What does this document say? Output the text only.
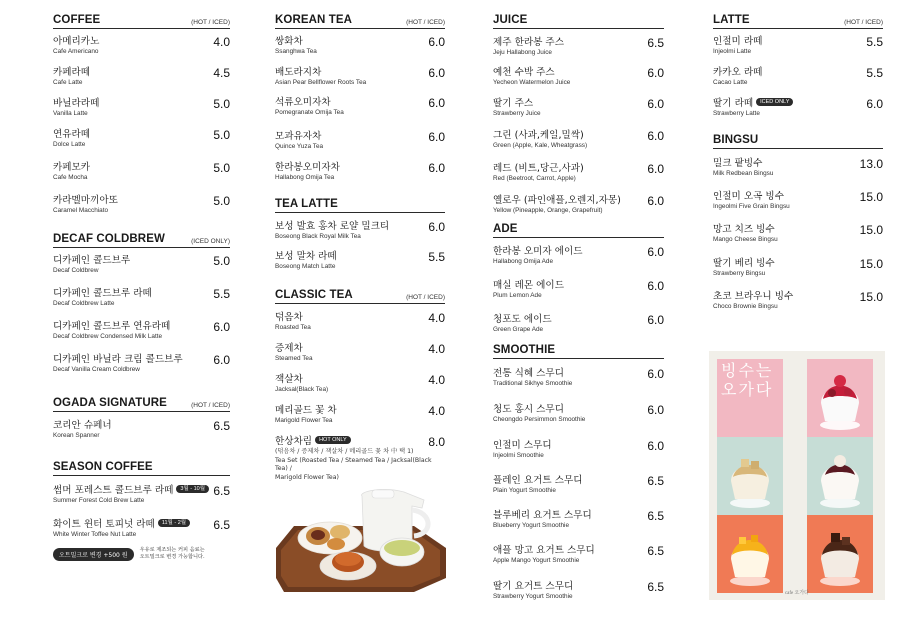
COFFEE	(HOT / ICED)
아메리카노
Cafe Americano
4.0
카페라떼
Cafe Latte
4.5
바닐라라떼
Vanilla Latte
5.0
연유라떼
Dolce Latte
5.0
카페모카
Cafe Mocha
5.0
카라멜마끼아또
Caramel Macchiato
5.0
DECAF COLDBREW	(ICED ONLY)
디카페인 콜드브루
Decaf Coldbrew
5.0
디카페인 콜드브루 라떼
Decaf Coldbrew Latte
5.5
디카페인 콜드브루 연유라떼
Decaf Coldbrew Condensed Milk Latte
6.0
디카페인 바닐라 크림 콜드브루
Decaf Vanilla Cream Coldbrew
6.0
OGADA SIGNATURE	(HOT / ICED)
코리안 슈페너
Korean Spanner
6.5
SEASON COFFEE
썸머 포레스트 콜드브루 라떼 3월 - 10월
Summer Forest Cold Brew Latte
6.5
화이트 윈터 토피넛 라떼 11월 - 2월
White Winter Toffee Nut Latte
6.5
오트밀크로 변경 +500 원
우유로 제조되는 커피 음료는
오트밀크로 변경 가능합니다.
KOREAN TEA	(HOT / ICED)
쌍화차
Ssanghwa Tea
6.0
배도라지차
Asian Pear Bellflower Roots Tea
6.0
석류오미자차
Pomegranate Omija Tea
6.0
모과유자차
Quince Yuza Tea
6.0
한라봉오미자차
Hallabong Omija Tea
6.0
TEA LATTE
보성 발효 홍차 로얄 밀크티
Boseong Black Royal Milk Tea
6.0
보성 말차 라떼
Boseong Match Latte
5.5
CLASSIC TEA	(HOT / ICED)
덖음차
Roasted Tea
4.0
증제차
Steamed Tea
4.0
잭살차
Jacksal(Black Tea)
4.0
메리골드 꽃 차
Marigold Flower Tea
4.0
한상차림 HOT ONLY
(덖음차 / 증제차 / 잭살차 / 메리골드 꽃 차 中 택 1)
Tea Set (Roasted Tea / Steamed Tea / Jacksal(Black Tea) /
Marigold Flower Tea)
8.0
JUICE
제주 한라봉 주스
Jeju Hallabong Juice
6.5
예천 수박 주스
Yecheon Watermelon Juice
6.0
딸기 주스
Strawberry Juice
6.0
그린 (사과,케일,밀싹)
Green (Apple, Kale, Wheatgrass)
6.0
레드 (비트,당근,사과)
Red (Beetroot, Carrot, Apple)
6.0
옐로우 (파인애플,오렌지,자몽)
Yellow (Pineapple, Orange, Grapefruit)
6.0
ADE
한라봉 오미자 에이드
Hallabong Omija Ade
6.0
매실 레몬 에이드
Plum Lemon Ade
6.0
청포도 에이드
Green Grape Ade
6.0
SMOOTHIE
전통 식혜 스무디
Traditional Sikhye Smoothie
6.0
청도 홍시 스무디
Cheongdo Persimmon Smoothie
6.0
인절미 스무디
Injeolmi Smoothie
6.0
플레인 요거트 스무디
Plain Yogurt Smoothie
6.5
블루베리 요거트 스무디
Blueberry Yogurt Smoothie
6.5
애플 망고 요거트 스무디
Apple Mango Yogurt Smoothie
6.5
딸기 요거트 스무디
Strawberry Yogurt Smoothie
6.5
LATTE	(HOT / ICED)
인절미 라떼
Injeolmi Latte
5.5
카카오 라떼
Cacao Latte
5.5
딸기 라떼 ICED ONLY
Strawberry Latte
6.0
BINGSU
밀크 팥빙수
Milk Redbean Bingsu
13.0
인절미 오곡 빙수
Ingeolmi Five Grain Bingsu
15.0
망고 치즈 빙수
Mango Cheese Bingsu
15.0
딸기 베리 빙수
Strawberry Bingsu
15.0
초코 브라우니 빙수
Choco Brownie Bingsu
15.0
빙수는
오가다
cafe 오가다
